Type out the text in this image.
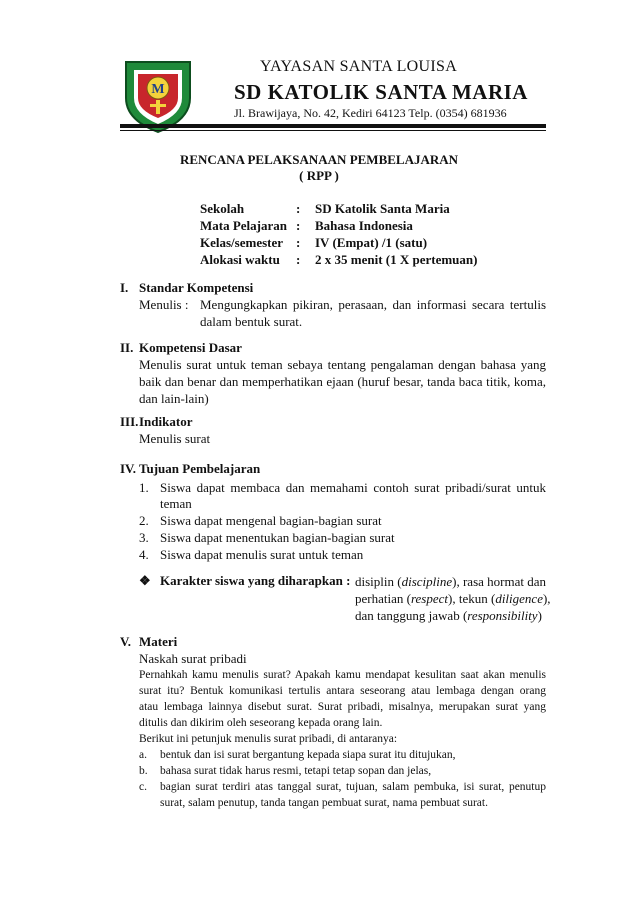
M
YAYASAN SANTA LOUISA
SD KATOLIK SANTA MARIA
Jl. Brawijaya, No. 42, Kediri 64123 Telp. (0354) 681936
RENCANA PELAKSANAAN PEMBELAJARAN
( RPP )
Sekolah	: SD Katolik Santa Maria
Mata Pelajaran : Bahasa Indonesia
Kelas/semester : IV (Empat) /1 (satu)
Alokasi waktu : 2 x 35 menit (1 X pertemuan)
I. Standar Kompetensi
Menulis : Mengungkapkan pikiran, perasaan, dan informasi secara tertulis
dalam bentuk surat.
II. Kompetensi Dasar
Menulis surat untuk teman sebaya tentang pengalaman dengan bahasa yang
baik dan benar dan memperhatikan ejaan (huruf besar, tanda baca titik, koma,
dan lain-lain)
III. Indikator
Menulis surat
IV. Tujuan Pembelajaran
1. Siswa dapat membaca dan memahami contoh surat pribadi/surat untuk
teman
2. Siswa dapat mengenal bagian-bagian surat
3. Siswa dapat menentukan bagian-bagian surat
4. Siswa dapat menulis surat untuk teman
❖ Karakter siswa yang diharapkan : disiplin (discipline), rasa hormat dan
perhatian (respect), tekun (diligence),
dan tanggung jawab (responsibility)
V. Materi
Naskah surat pribadi
Pernahkah kamu menulis surat? Apakah kamu mendapat kesulitan saat akan menulis
surat itu? Bentuk komunikasi tertulis antara seseorang atau lembaga dengan orang
atau lembaga lainnya disebut surat. Surat pribadi, misalnya, merupakan surat yang
ditulis dan dikirim oleh seseorang kepada orang lain.
Berikut ini petunjuk menulis surat pribadi, di antaranya:
a. bentuk dan isi surat bergantung kepada siapa surat itu ditujukan,
b. bahasa surat tidak harus resmi, tetapi tetap sopan dan jelas,
c. bagian surat terdiri atas tanggal surat, tujuan, salam pembuka, isi surat, penutup
surat, salam penutup, tanda tangan pembuat surat, nama pembuat surat.
